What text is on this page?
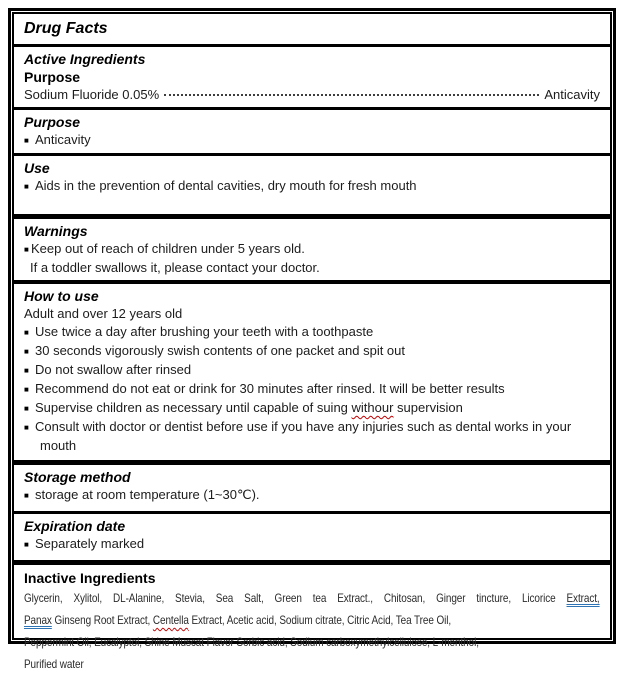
Drug Facts
Active Ingredients
Purpose
Sodium Fluoride 0.05%	Anticavity
Purpose
■ Anticavity
Use
■ Aids in the prevention of dental cavities, dry mouth for fresh mouth
Warnings
■ Keep out of reach of children under 5 years old.
If a toddler swallows it, please contact your doctor.
How to use
Adult and over 12 years old
■ Use twice a day after brushing your teeth with a toothpaste
■ 30 seconds vigorously swish contents of one packet and spit out
■ Do not swallow after rinsed
■ Recommend do not eat or drink for 30 minutes after rinsed. It will be better results
■ Supervise children as necessary until capable of suing withour supervision
■ Consult with doctor or dentist before use if you have any injuries such as dental works in your mouth
Storage method
■ storage at room temperature (1~30℃).
Expiration date
■ Separately marked
Inactive Ingredients
Glycerin, Xylitol, DL-Alanine, Stevia, Sea Salt, Green tea Extract., Chitosan, Ginger tincture, Licorice Extract,
Panax Ginseng Root Extract, Centella Extract, Acetic acid, Sodium citrate, Citric Acid, Tea Tree Oil,
Peppermint Oil, Eucalyptol, Shine Muscat Flavor Sorbic acid, Sodium carboxymethylcellulose, L-menthol,
Purified water
